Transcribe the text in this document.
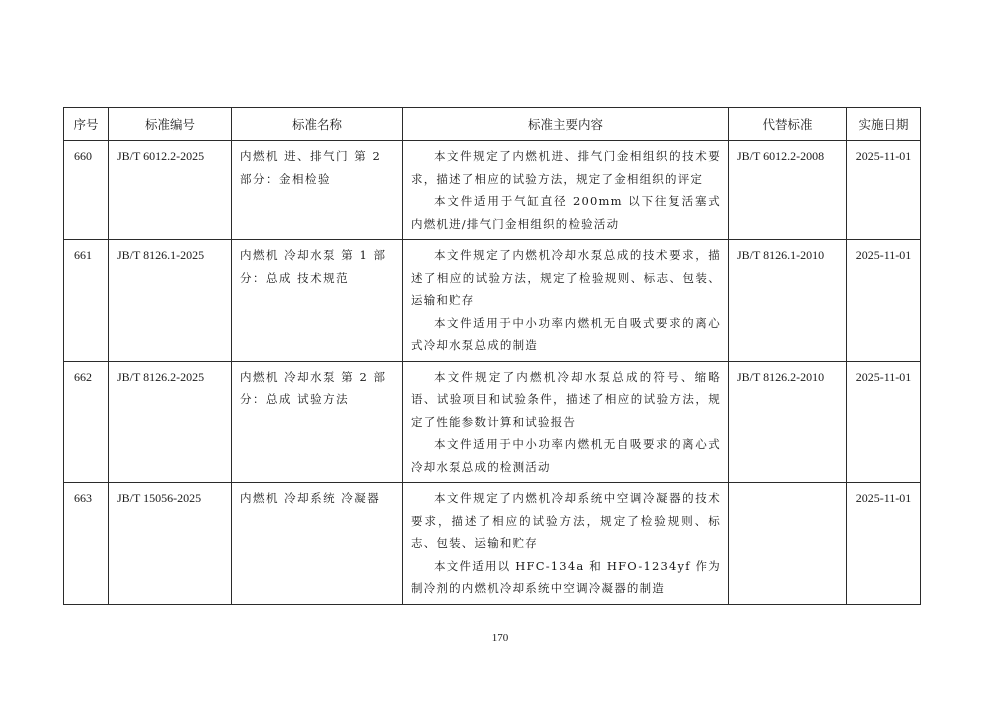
序号	标准编号	标准名称	标准主要内容	代替标准	实施日期

660	JB/T 6012.2-2025	内燃机 进、排气门 第 2 部分：金相检验	本文件规定了内燃机进、排气门金相组织的技术要求，描述了相应的试验方法，规定了金相组织的评定
本文件适用于气缸直径 200mm 以下往复活塞式内燃机进/排气门金相组织的检验活动	JB/T 6012.2-2008	2025-11-01

661	JB/T 8126.1-2025	内燃机 冷却水泵 第 1 部分：总成 技术规范	本文件规定了内燃机冷却水泵总成的技术要求，描述了相应的试验方法，规定了检验规则、标志、包装、运输和贮存
本文件适用于中小功率内燃机无自吸式要求的离心式冷却水泵总成的制造	JB/T 8126.1-2010	2025-11-01

662	JB/T 8126.2-2025	内燃机 冷却水泵 第 2 部分：总成 试验方法	本文件规定了内燃机冷却水泵总成的符号、缩略语、试验项目和试验条件，描述了相应的试验方法，规定了性能参数计算和试验报告
本文件适用于中小功率内燃机无自吸要求的离心式冷却水泵总成的检测活动	JB/T 8126.2-2010	2025-11-01

663	JB/T 15056-2025	内燃机 冷却系统 冷凝器	本文件规定了内燃机冷却系统中空调冷凝器的技术要求，描述了相应的试验方法，规定了检验规则、标志、包装、运输和贮存
本文件适用以 HFC-134a 和 HFO-1234yf 作为制冷剂的内燃机冷却系统中空调冷凝器的制造		2025-11-01
170
